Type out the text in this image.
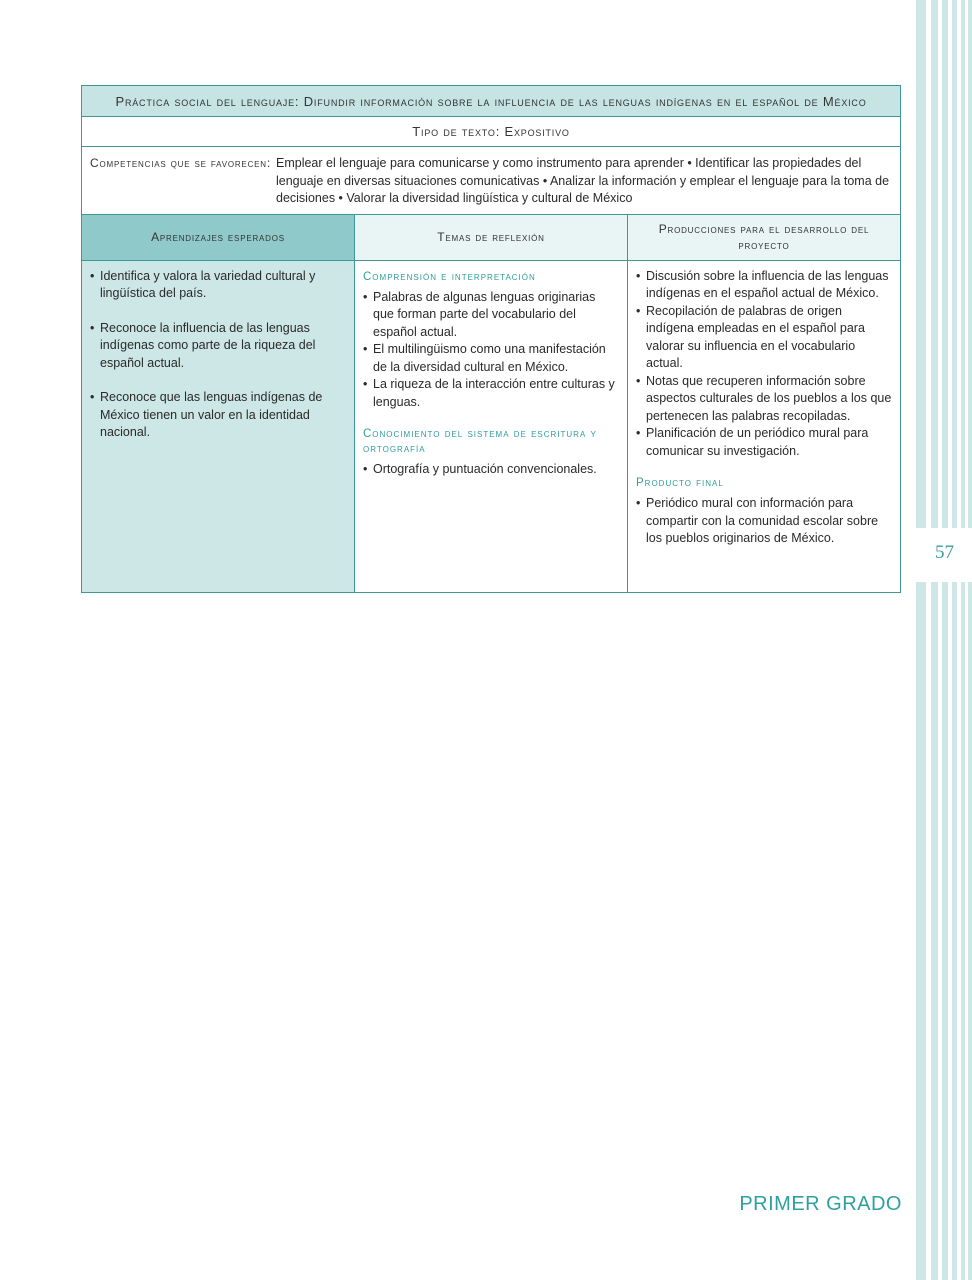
57
Práctica social del lenguaje: Difundir información sobre la influencia de las lenguas indígenas en el español de México
Tipo de texto: Expositivo
Competencias que se favorecen: Emplear el lenguaje para comunicarse y como instrumento para aprender • Identificar las propiedades del lenguaje en diversas situaciones comunicativas • Analizar la información y emplear el lenguaje para la toma de decisiones • Valorar la diversidad lingüística y cultural de México
Aprendizajes esperados
• Identifica y valora la variedad cultural y lingüística del país.
• Reconoce la influencia de las lenguas indígenas como parte de la riqueza del español actual.
• Reconoce que las lenguas indígenas de México tienen un valor en la identidad nacional.
Temas de reflexión
Comprensión e interpretación
• Palabras de algunas lenguas originarias que forman parte del vocabulario del español actual.
• El multilingüismo como una manifestación de la diversidad cultural en México.
• La riqueza de la interacción entre culturas y lenguas.
Conocimiento del sistema de escritura y ortografía
• Ortografía y puntuación convencionales.
Producciones para el desarrollo del proyecto
• Discusión sobre la influencia de las lenguas indígenas en el español actual de México.
• Recopilación de palabras de origen indígena empleadas en el español para valorar su influencia en el vocabulario actual.
• Notas que recuperen información sobre aspectos culturales de los pueblos a los que pertenecen las palabras recopiladas.
• Planificación de un periódico mural para comunicar su investigación.
Producto final
• Periódico mural con información para compartir con la comunidad escolar sobre los pueblos originarios de México.
PRIMER GRADO
